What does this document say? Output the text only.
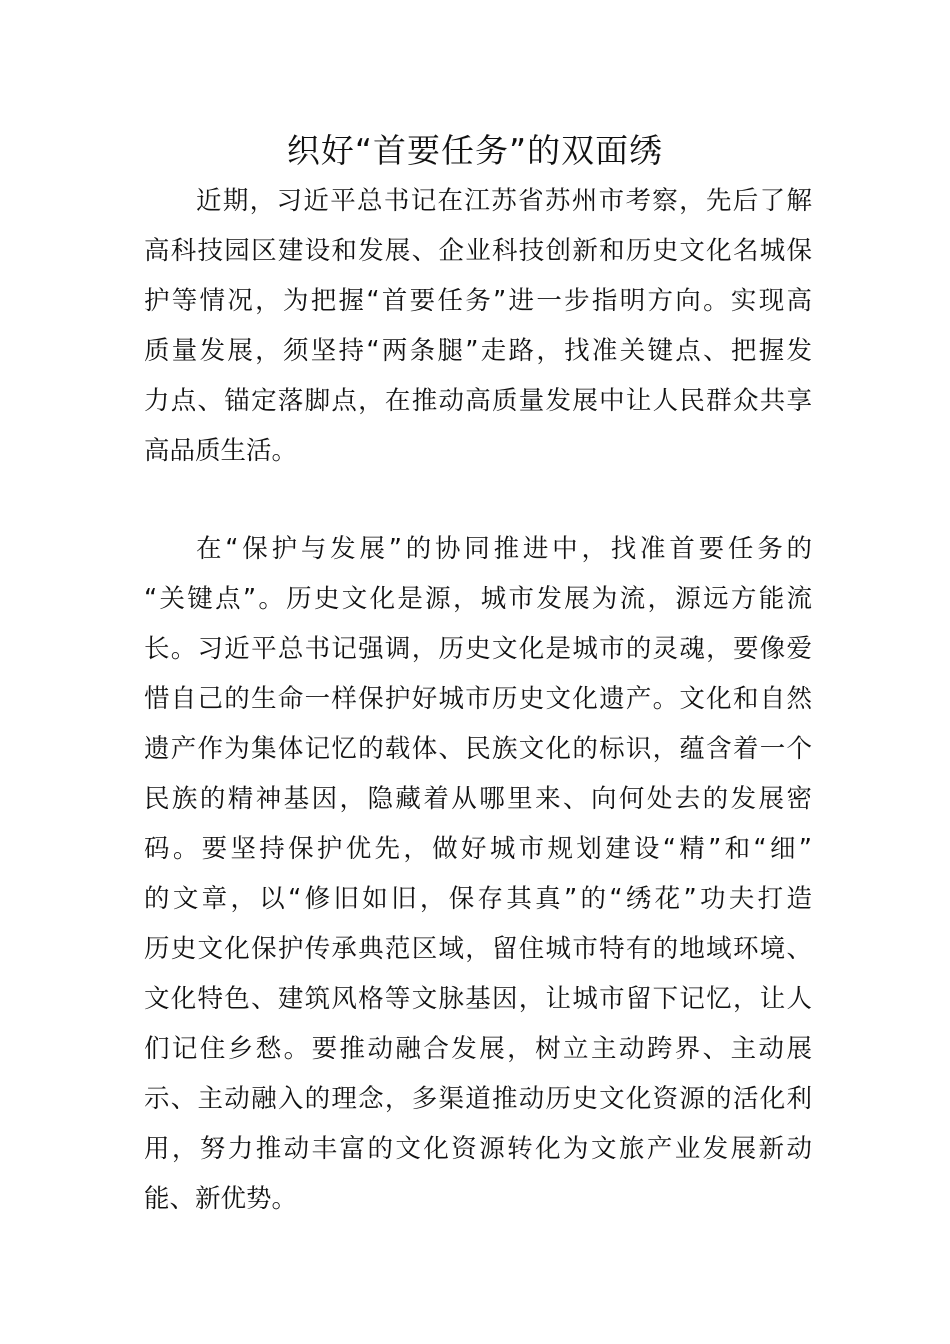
织好“首要任务”的双面绣
近期，习近平总书记在江苏省苏州市考察，先后了解
高科技园区建设和发展、企业科技创新和历史文化名城保
护等情况，为把握“首要任务”进一步指明方向。实现高
质量发展，须坚持“两条腿”走路，找准关键点、把握发
力点、锚定落脚点，在推动高质量发展中让人民群众共享
高品质生活。
在“保护与发展”的协同推进中，找准首要任务的
“关键点”。历史文化是源，城市发展为流，源远方能流
长。习近平总书记强调，历史文化是城市的灵魂，要像爱
惜自己的生命一样保护好城市历史文化遗产。文化和自然
遗产作为集体记忆的载体、民族文化的标识，蕴含着一个
民族的精神基因，隐藏着从哪里来、向何处去的发展密
码。要坚持保护优先，做好城市规划建设“精”和“细”
的文章，以“修旧如旧，保存其真”的“绣花”功夫打造
历史文化保护传承典范区域，留住城市特有的地域环境、
文化特色、建筑风格等文脉基因，让城市留下记忆，让人
们记住乡愁。要推动融合发展，树立主动跨界、主动展
示、主动融入的理念，多渠道推动历史文化资源的活化利
用，努力推动丰富的文化资源转化为文旅产业发展新动
能、新优势。
